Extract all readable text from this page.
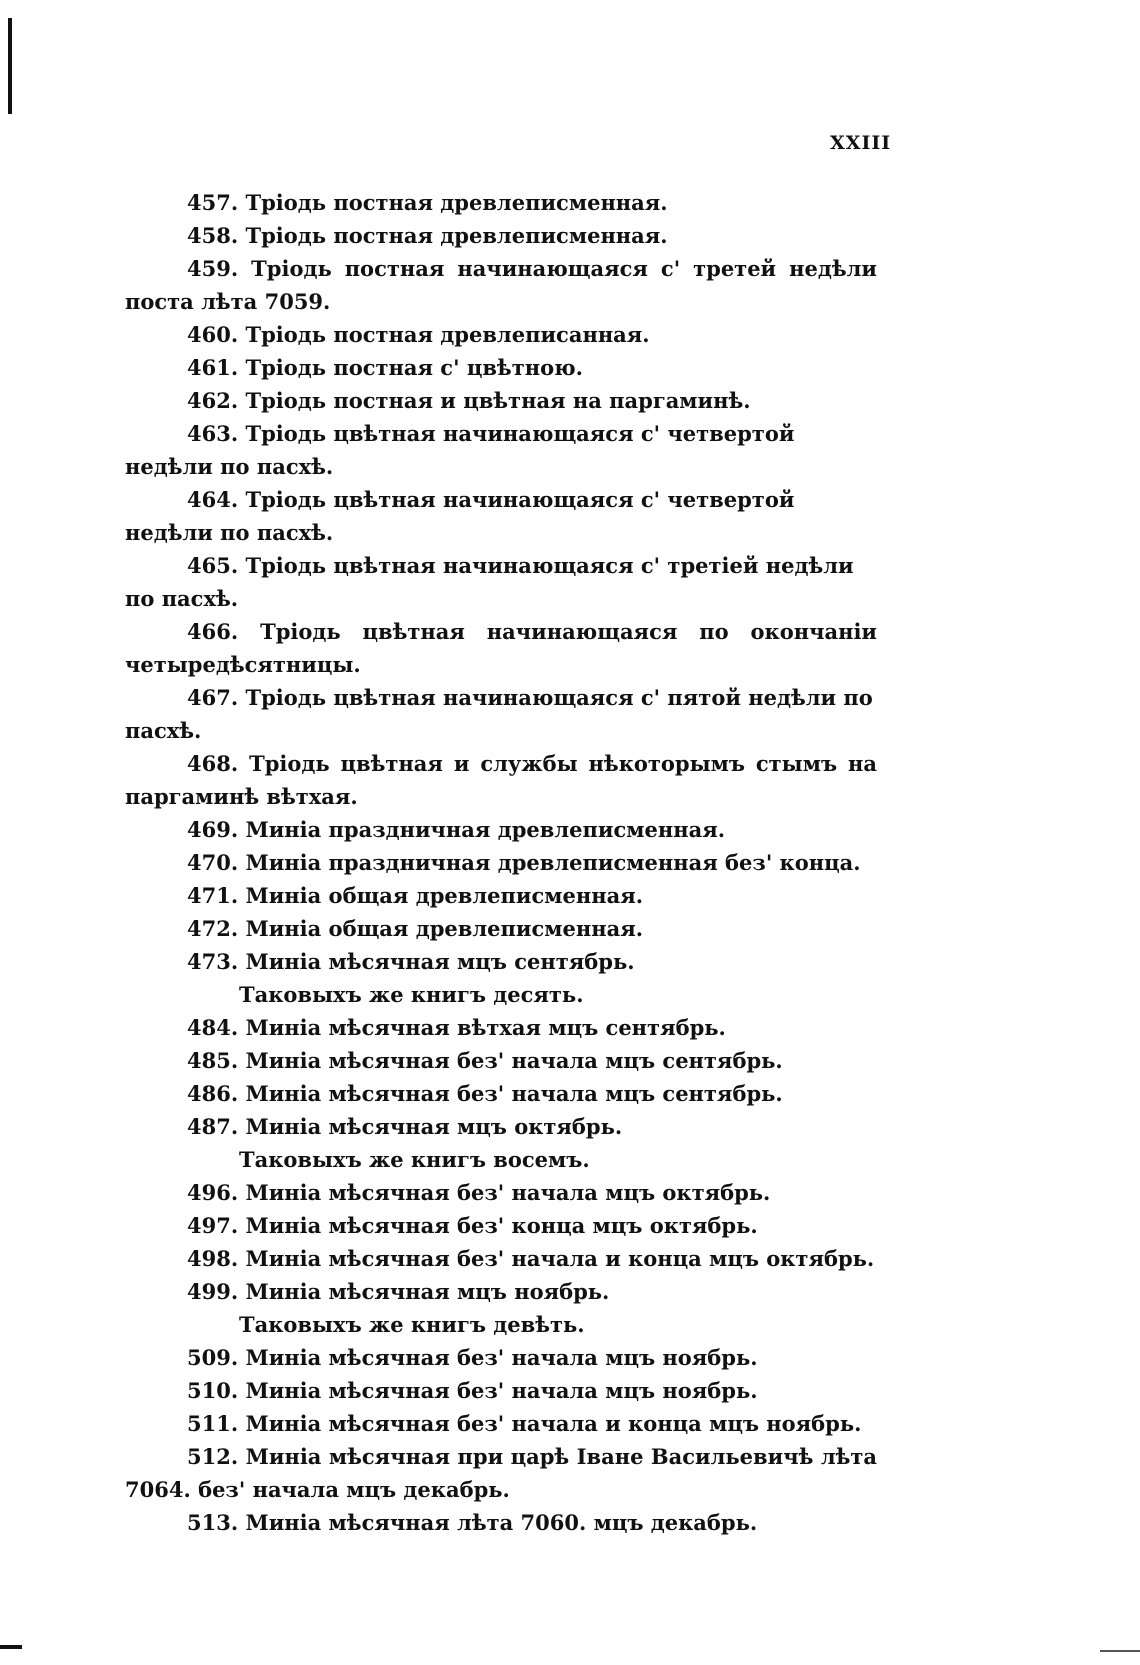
XXIII
457. Тріодь постная древлеписменная.
458. Тріодь постная древлеписменная.
459. Тріодь постная начинающаяся с' третей недѣли поста лѣта 7059.
460. Тріодь постная древлеписанная.
461. Тріодь постная с' цвѣтною.
462. Тріодь постная и цвѣтная на паргаминѣ.
463. Тріодь цвѣтная начинающаяся с' четвертой недѣли по пасхѣ.
464. Тріодь цвѣтная начинающаяся с' четвертой недѣли по пасхѣ.
465. Тріодь цвѣтная начинающаяся с' третіей недѣли по пасхѣ.
466. Тріодь цвѣтная начинающаяся по окончаніи четыредѣсятницы.
467. Тріодь цвѣтная начинающаяся с' пятой недѣли по пасхѣ.
468. Тріодь цвѣтная и службы нѣкоторымъ стымъ на паргаминѣ вѣтхая.
469. Миніа праздничная древлеписменная.
470. Миніа праздничная древлеписменная без' конца.
471. Миніа общая древлеписменная.
472. Миніа общая древлеписменная.
473. Миніа мѣсячная мцъ сентябрь.
Таковыхъ же книгъ десять.
484. Миніа мѣсячная вѣтхая мцъ сентябрь.
485. Миніа мѣсячная без' начала мцъ сентябрь.
486. Миніа мѣсячная без' начала мцъ сентябрь.
487. Миніа мѣсячная мцъ октябрь.
Таковыхъ же книгъ восемъ.
496. Миніа мѣсячная без' начала мцъ октябрь.
497. Миніа мѣсячная без' конца мцъ октябрь.
498. Миніа мѣсячная без' начала и конца мцъ октябрь.
499. Миніа мѣсячная мцъ ноябрь.
Таковыхъ же книгъ девѣть.
509. Миніа мѣсячная без' начала мцъ ноябрь.
510. Миніа мѣсячная без' начала мцъ ноябрь.
511. Миніа мѣсячная без' начала и конца мцъ ноябрь.
512. Миніа мѣсячная при царѣ Іване Васильевичѣ лѣта 7064. без' начала мцъ декабрь.
513. Миніа мѣсячная лѣта 7060. мцъ декабрь.
